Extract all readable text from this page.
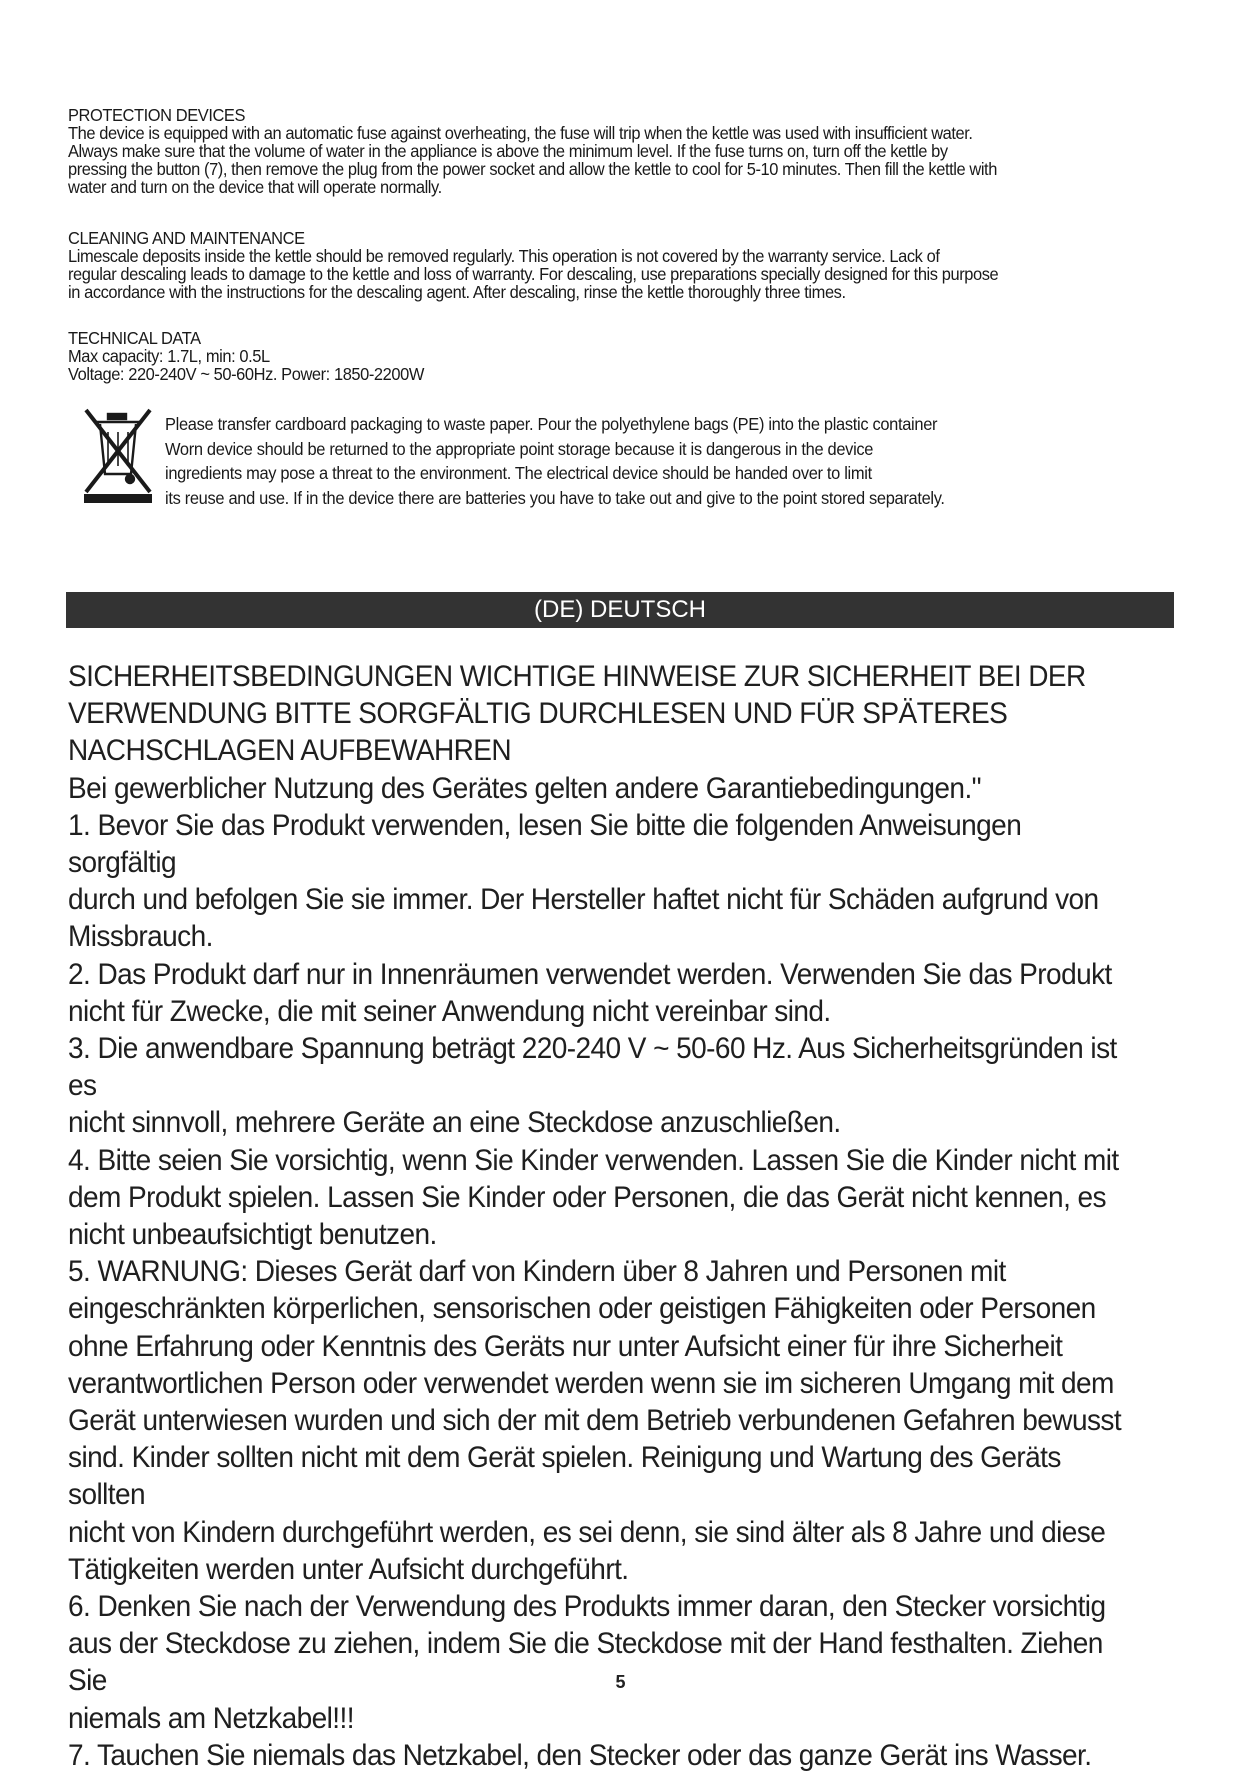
PROTECTION DEVICES

The device is equipped with an automatic fuse against overheating, the fuse will trip when the kettle was used with insufficient water.

Always make sure that the volume of water in the appliance is above the minimum level. If the fuse turns on, turn off the kettle by

pressing the button (7), then remove the plug from the power socket and allow the kettle to cool for 5-10 minutes. Then fill the kettle with

water and turn on the device that will operate normally.

CLEANING AND MAINTENANCE

Limescale deposits inside the kettle should be removed regularly. This operation is not covered by the warranty service. Lack of

regular descaling leads to damage to the kettle and loss of warranty. For descaling, use preparations specially designed for this purpose

in accordance with the instructions for the descaling agent. After descaling, rinse the kettle thoroughly three times.

TECHNICAL DATA

Max capacity: 1.7L, min: 0.5L

Voltage: 220-240V ~ 50-60Hz. Power: 1850-2200W

Please transfer cardboard packaging to waste paper. Pour the polyethylene bags (PE) into the plastic container

Worn device should be returned to the appropriate point storage because it is dangerous in the device

ingredients may pose a threat to the environment. The electrical device should be handed over to limit

its reuse and use. If in the device there are batteries you have to take out and give to the point stored separately.

(DE) DEUTSCH

SICHERHEITSBEDINGUNGEN WICHTIGE HINWEISE ZUR SICHERHEIT BEI DER

VERWENDUNG BITTE SORGFÄLTIG DURCHLESEN UND FÜR SPÄTERES

NACHSCHLAGEN AUFBEWAHREN

Bei gewerblicher Nutzung des Gerätes gelten andere Garantiebedingungen."

1. Bevor Sie das Produkt verwenden, lesen Sie bitte die folgenden Anweisungen sorgfältig

durch und befolgen Sie sie immer. Der Hersteller haftet nicht für Schäden aufgrund von

Missbrauch.

2. Das Produkt darf nur in Innenräumen verwendet werden. Verwenden Sie das Produkt

nicht für Zwecke, die mit seiner Anwendung nicht vereinbar sind.

3. Die anwendbare Spannung beträgt 220-240 V ~ 50-60 Hz. Aus Sicherheitsgründen ist es

nicht sinnvoll, mehrere Geräte an eine Steckdose anzuschließen.

4. Bitte seien Sie vorsichtig, wenn Sie Kinder verwenden. Lassen Sie die Kinder nicht mit

dem Produkt spielen. Lassen Sie Kinder oder Personen, die das Gerät nicht kennen, es

nicht unbeaufsichtigt benutzen.

5. WARNUNG: Dieses Gerät darf von Kindern über 8 Jahren und Personen mit

eingeschränkten körperlichen, sensorischen oder geistigen Fähigkeiten oder Personen

ohne Erfahrung oder Kenntnis des Geräts nur unter Aufsicht einer für ihre Sicherheit

verantwortlichen Person oder verwendet werden wenn sie im sicheren Umgang mit dem

Gerät unterwiesen wurden und sich der mit dem Betrieb verbundenen Gefahren bewusst

sind. Kinder sollten nicht mit dem Gerät spielen. Reinigung und Wartung des Geräts sollten

nicht von Kindern durchgeführt werden, es sei denn, sie sind älter als 8 Jahre und diese

Tätigkeiten werden unter Aufsicht durchgeführt.

6. Denken Sie nach der Verwendung des Produkts immer daran, den Stecker vorsichtig

aus der Steckdose zu ziehen, indem Sie die Steckdose mit der Hand festhalten. Ziehen Sie

niemals am Netzkabel!!!

7. Tauchen Sie niemals das Netzkabel, den Stecker oder das ganze Gerät ins Wasser.

5
